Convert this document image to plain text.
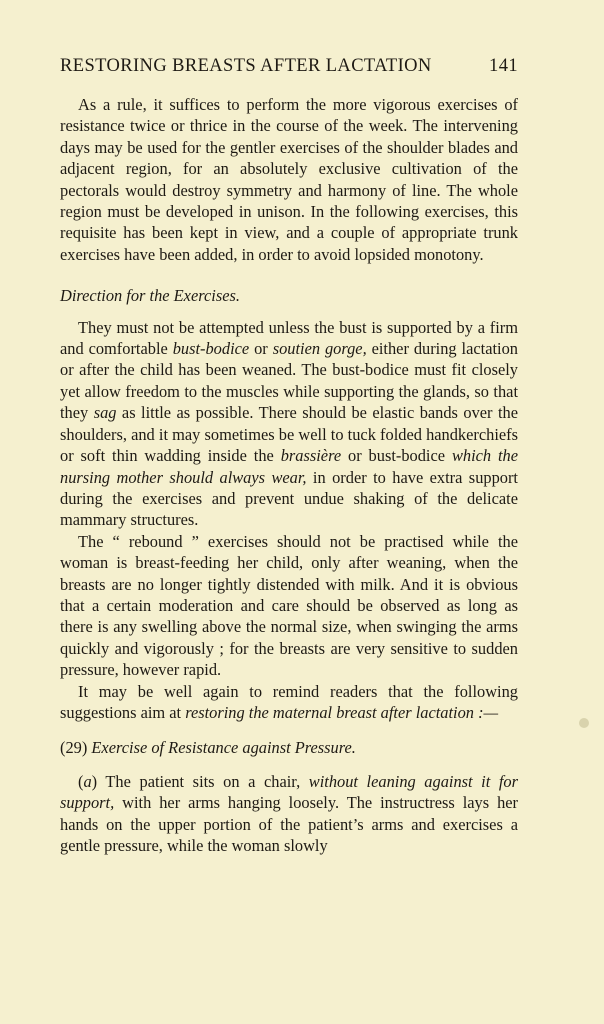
RESTORING BREASTS AFTER LACTATION	141

As a rule, it suffices to perform the more vigorous exercises of resistance twice or thrice in the course of the week. The intervening days may be used for the gentler exercises of the shoulder blades and adjacent region, for an absolutely exclusive cultivation of the pectorals would destroy symmetry and harmony of line. The whole region must be developed in unison. In the following exercises, this requisite has been kept in view, and a couple of appropriate trunk exercises have been added, in order to avoid lopsided monotony.

Direction for the Exercises.

They must not be attempted unless the bust is supported by a firm and comfortable bust-bodice or soutien gorge, either during lactation or after the child has been weaned. The bust-bodice must fit closely yet allow freedom to the muscles while supporting the glands, so that they sag as little as possible. There should be elastic bands over the shoulders, and it may sometimes be well to tuck folded handkerchiefs or soft thin wadding inside the brassière or bust-bodice which the nursing mother should always wear, in order to have extra support during the exercises and prevent undue shaking of the delicate mammary structures.

The “ rebound ” exercises should not be practised while the woman is breast-feeding her child, only after weaning, when the breasts are no longer tightly distended with milk. And it is obvious that a certain moderation and care should be observed as long as there is any swelling above the normal size, when swinging the arms quickly and vigorously ; for the breasts are very sensitive to sudden pressure, however rapid.

It may be well again to remind readers that the following suggestions aim at restoring the maternal breast after lactation :—

(29) Exercise of Resistance against Pressure.

(a) The patient sits on a chair, without leaning against it for support, with her arms hanging loosely. The instructress lays her hands on the upper portion of the patient’s arms and exercises a gentle pressure, while the woman slowly
